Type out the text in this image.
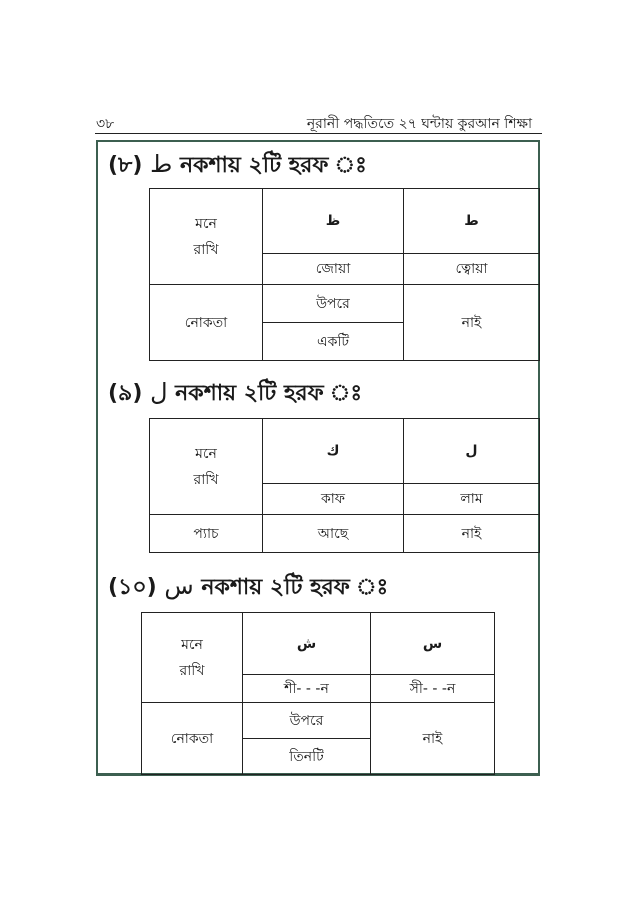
৩৮	নূরানী পদ্ধতিতে ২৭ ঘন্টায় কুরআন শিক্ষা
(৮) ط নকশায় ২টি হরফ ঃ
মনে
রাখি	ظ	ط
	জোয়া	ত্বোয়া
নোকতা	উপরে	নাই
	একটি	
(৯) ل নকশায় ২টি হরফ ঃ
মনে
রাখি	ك	ل
	কাফ	লাম
প্যাচ	আছে	নাই
(১০) س নকশায় ২টি হরফ ঃ
মনে
রাখি	ش	س
	শী- - -ন	সী- - -ন
নোকতা	উপরে	নাই
	তিনটি	
